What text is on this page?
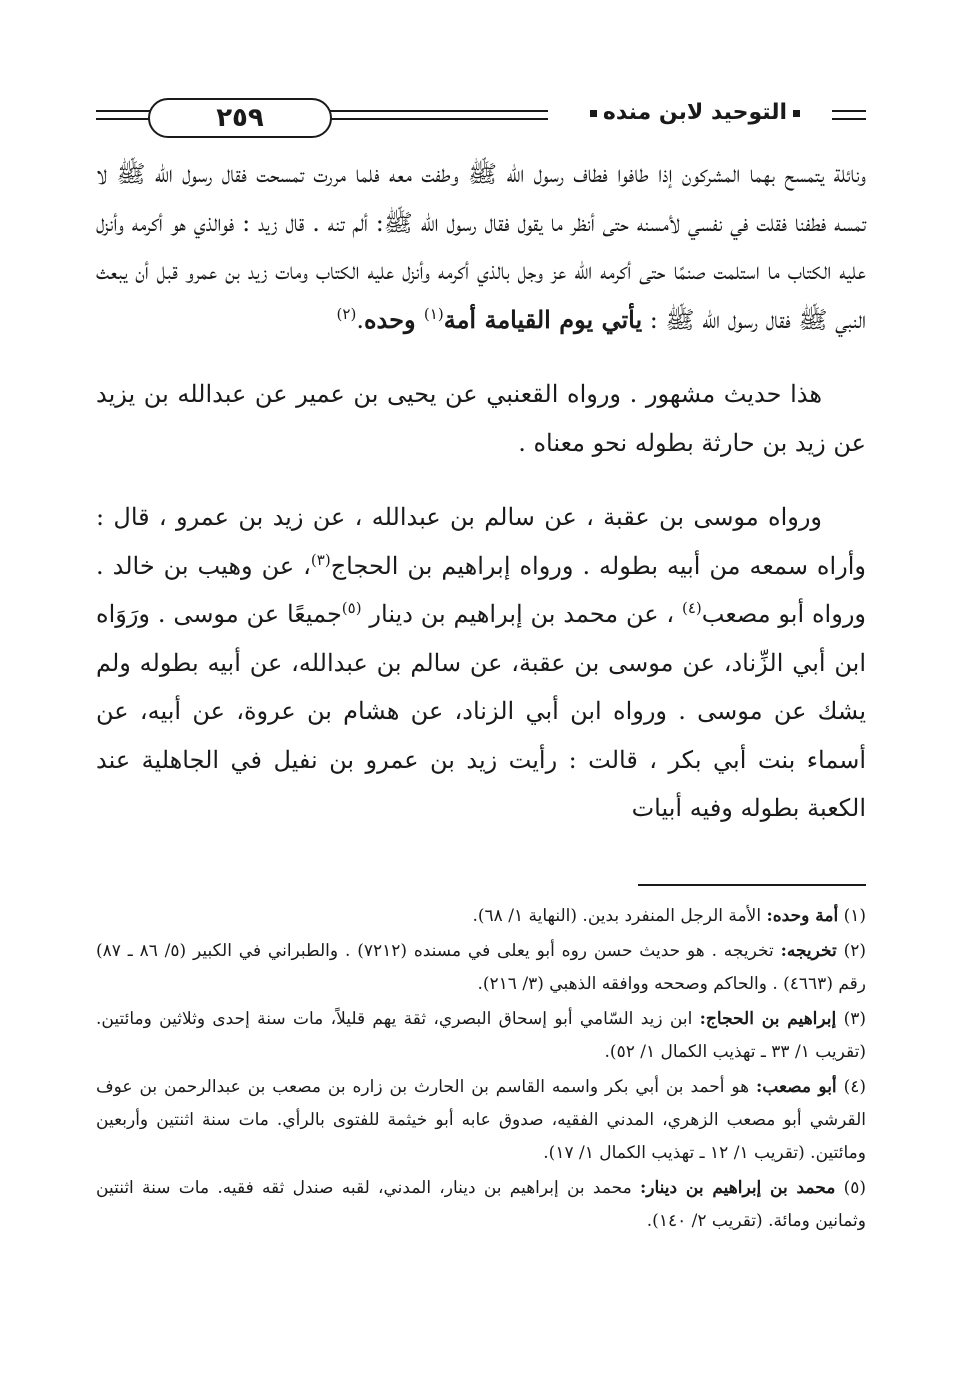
٢٥٩	التوحيد لابن منده

ونائلة يتمسح بهما المشركون إذا طافوا فطاف رسول الله ﷺ وطفت معه فلما مررت تمسحت فقال رسول الله ﷺ لا تمسه فطفنا فقلت في نفسي لأمسنه حتى أنظر ما يقول فقال رسول الله ﷺ: ألم تنه . قال زيد : فوالذي هو أكرمه وأنزل عليه الكتاب ما استلمت صنمًا حتى أكرمه الله عز وجل بالذي أكرمه وأنزل عليه الكتاب ومات زيد بن عمرو قبل أن يبعث النبي ﷺ فقال رسول الله ﷺ : يأتي يوم القيامة أمة$^{(١)}$ وحده.$^{(٢)}$

هذا حديث مشهور . ورواه القعنبي عن يحيى بن عمير عن عبدالله بن يزيد عن زيد بن حارثة بطوله نحو معناه .

ورواه موسى بن عقبة ، عن سالم بن عبدالله ، عن زيد بن عمرو ، قال : وأراه سمعه من أبيه بطوله . ورواه إبراهيم بن الحجاج$^{(٣)}$، عن وهيب بن خالد . ورواه أبو مصعب$^{(٤)}$ ، عن محمد بن إبراهيم بن دينار $^{(٥)}$جميعًا عن موسى . ورَوَاه ابن أبي الزِّناد، عن موسى بن عقبة، عن سالم بن عبدالله، عن أبيه بطوله ولم يشك عن موسى . ورواه ابن أبي الزناد، عن هشام بن عروة، عن أبيه، عن أسماء بنت أبي بكر ، قالت : رأيت زيد بن عمرو بن نفيل في الجاهلية عند الكعبة بطوله وفيه أبيات

(١) أمة وحده: الأمة الرجل المنفرد بدين. (النهاية ١/ ٦٨).

(٢) تخريجه: تخريجه . هو حديث حسن روه أبو يعلى في مسنده (٧٢١٢) . والطبراني في الكبير (٥/ ٨٦ ـ ٨٧) رقم (٤٦٦٣) . والحاكم وصححه ووافقه الذهبي (٣/ ٢١٦).

(٣) إبراهيم بن الحجاج: ابن زيد السّامي أبو إسحاق البصري، ثقة يهم قليلاً، مات سنة إحدى وثلاثين ومائتين. (تقريب ١/ ٣٣ ـ تهذيب الكمال ١/ ٥٢).

(٤) أبو مصعب: هو أحمد بن أبي بكر واسمه القاسم بن الحارث بن زاره بن مصعب بن عبدالرحمن بن عوف القرشي أبو مصعب الزهري، المدني الفقيه، صدوق عابه أبو خيثمة للفتوى بالرأي. مات سنة اثنتين وأربعين ومائتين. (تقريب ١/ ١٢ ـ تهذيب الكمال ١/ ١٧).

(٥) محمد بن إبراهيم بن دينار: محمد بن إبراهيم بن دينار، المدني، لقبه صندل ثقه فقيه. مات سنة اثنتين وثمانين ومائة. (تقريب ٢/ ١٤٠).
